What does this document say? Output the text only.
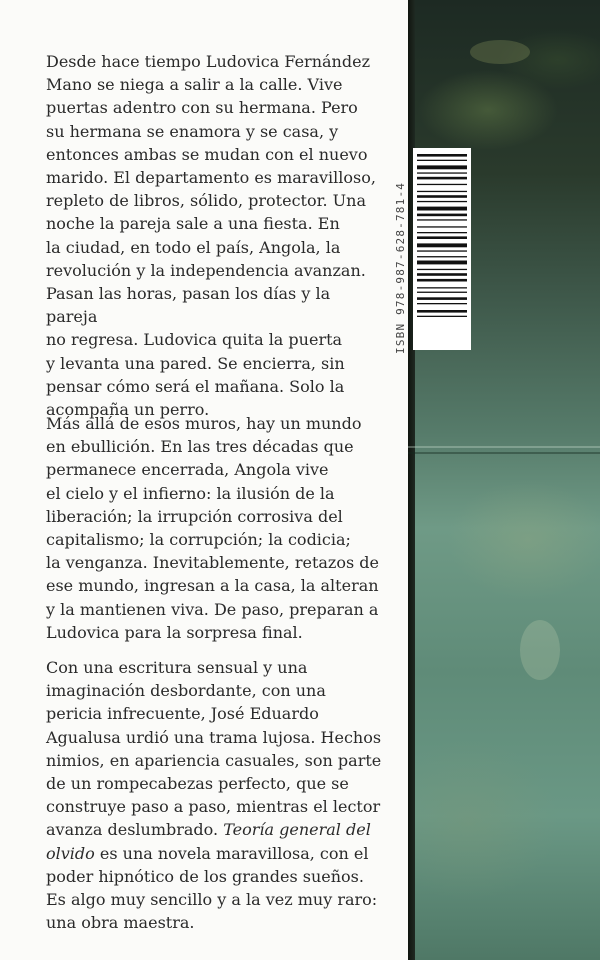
Desde hace tiempo Ludovica Fernández
Mano se niega a salir a la calle. Vive
puertas adentro con su hermana. Pero
su hermana se enamora y se casa, y
entonces ambas se mudan con el nuevo
marido. El departamento es maravilloso,
repleto de libros, sólido, protector. Una
noche la pareja sale a una fiesta. En
la ciudad, en todo el país, Angola, la
revolución y la independencia avanzan.
Pasan las horas, pasan los días y la pareja
no regresa. Ludovica quita la puerta
y levanta una pared. Se encierra, sin
pensar cómo será el mañana. Solo la
acompaña un perro.

Más allá de esos muros, hay un mundo
en ebullición. En las tres décadas que
permanece encerrada, Angola vive
el cielo y el infierno: la ilusión de la
liberación; la irrupción corrosiva del
capitalismo; la corrupción; la codicia;
la venganza. Inevitablemente, retazos de
ese mundo, ingresan a la casa, la alteran
y la mantienen viva. De paso, preparan a
Ludovica para la sorpresa final.

Con una escritura sensual y una
imaginación desbordante, con una
pericia infrecuente, José Eduardo
Agualusa urdió una trama lujosa. Hechos
nimios, en apariencia casuales, son parte
de un rompecabezas perfecto, que se
construye paso a paso, mientras el lector
avanza deslumbrado. Teoría general del
olvido es una novela maravillosa, con el
poder hipnótico de los grandes sueños.
Es algo muy sencillo y a la vez muy raro:
una obra maestra.

ISBN 978-987-628-781-4
